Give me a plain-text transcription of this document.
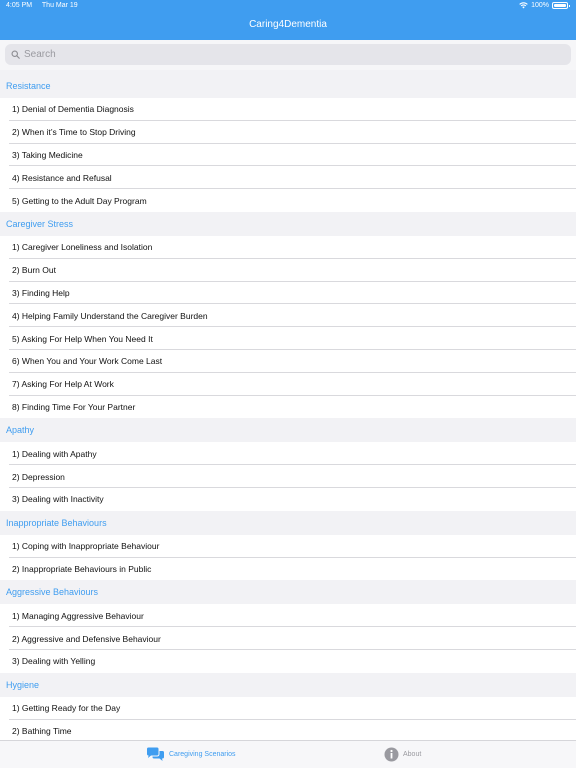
4:05 PM Thu Mar 19	100%
Caring4Dementia
Search
Resistance
1) Denial of Dementia Diagnosis
2) When it’s Time to Stop Driving
3) Taking Medicine
4) Resistance and Refusal
5) Getting to the Adult Day Program
Caregiver Stress
1) Caregiver Loneliness and Isolation
2) Burn Out
3) Finding Help
4) Helping Family Understand the Caregiver Burden
5) Asking For Help When You Need It
6) When You and Your Work Come Last
7) Asking For Help At Work
8) Finding Time For Your Partner
Apathy
1) Dealing with Apathy
2) Depression
3) Dealing with Inactivity
Inappropriate Behaviours
1) Coping with Inappropriate Behaviour
2) Inappropriate Behaviours in Public
Aggressive Behaviours
1) Managing Aggressive Behaviour
2) Aggressive and Defensive Behaviour
3) Dealing with Yelling
Hygiene
1) Getting Ready for the Day
2) Bathing Time
Caregiving Scenarios	About
